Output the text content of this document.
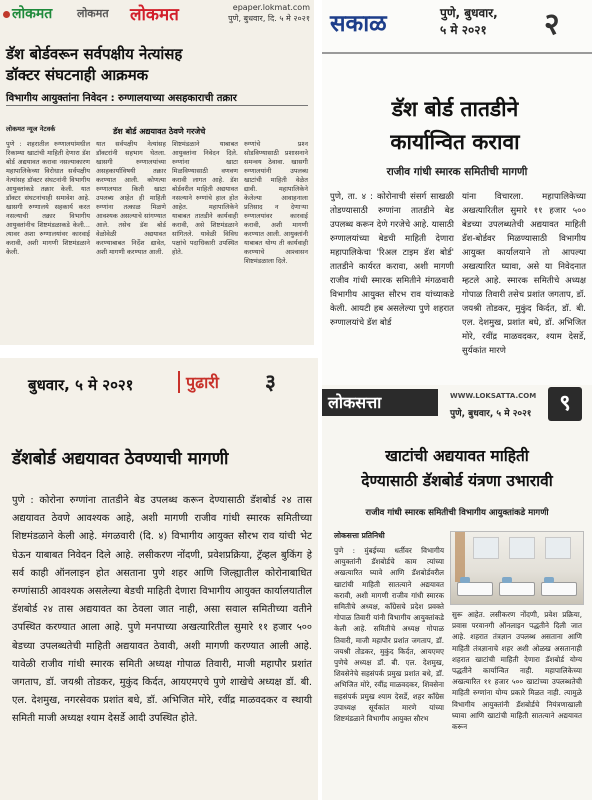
लोकमत लोकमत लोकमत	epaper.lokmat.com
पुणे, बुधवार, दि. ५ मे २०२१
डॅश बोर्डवरून सर्वपक्षीय नेत्यांसह
डॉक्टर संघटनाही आक्रमक
विभागीय आयुक्तांना निवेदन : रुग्णालयाच्या असहकाराची तक्रार
लोकमत न्यूज नेटवर्क	डॅश बोर्ड अद्ययावत ठेवणे गरजेचे
पुणे : शहरातील रुग्णालयांमधील रिकाम्या खाटांची माहिती देणारा डॅश बोर्ड अद्ययावत करावा नसल्याकारण महापालिकेच्या विरोधात सर्वपक्षीय नेत्यांसह डॉक्टर संघटनांनी विभागीय आयुक्तांकडे तक्रार केली. यात डॉक्टर संघटनांचाही समावेश आहे. खासगी रुग्णालये सहकार्य करत नसल्याची तक्रार विभागीय आयुक्तांनीच शिष्टमंडळाकडे केली... त्यावर अशा रुग्णालयांवर कारवाई करावी, अशी मागणी शिष्टमंडळाने केली.
यात सर्वपक्षीय नेत्यांसह डॉक्टरांनी सहभाग घेतला. खासगी रुग्णालयांच्या असहकार्याविषयी तक्रार करण्यात आली. कोणत्या रुग्णालयात किती खाटा उपलब्ध आहेत ही माहिती रुग्णांना तत्काळ मिळणे आवश्यक असल्याचे सांगण्यात आले. तसेच डॅश बोर्ड वेळोवेळी अद्ययावत करण्याबाबत निर्देश द्यावेत, अशी मागणी करण्यात आली.
शिष्टमंडळाने याबाबत आयुक्तांना निवेदन दिले. रुग्णांना खाटा मिळविण्यासाठी वणवण करावी लागत आहे. डॅश बोर्डवरील माहिती अद्ययावत नसल्याने रुग्णांचे हाल होत आहेत. महापालिकेने याबाबत तातडीने कार्यवाही करावी, असे शिष्टमंडळाने सांगितले. यावेळी विविध पक्षांचे पदाधिकारी उपस्थित होते.
रुग्णांचे प्रश्‍न सोडविण्यासाठी प्रशासनाने समन्वय ठेवावा. खासगी रुग्णालयांनी उपलब्ध खाटांची माहिती वेळेत द्यावी. महापालिकेने केलेल्या आवाहनाला प्रतिसाद न देणाऱ्या रुग्णालयांवर कारवाई करावी, अशी मागणी करण्यात आली. आयुक्तांनी याबाबत योग्य ती कार्यवाही करण्याचे आश्‍वासन शिष्टमंडळाला दिले.
सकाळ	पुणे, बुधवार,
५ मे २०२१	२
डॅश बोर्ड तातडीने
कार्यान्वित करावा
राजीव गांधी स्मारक समितीची मागणी
पुणे, ता. ४ : कोरोनाची संसर्ग साखळी तोडण्यासाठी रुग्णांना तातडीने बेड उपलब्ध करून देणे गरजेचे आहे. यासाठी रुग्णालयांच्या बेडची माहिती देणारा महापालिकेचा 'रिअल टाइम डॅश बोर्ड' तातडीने कार्यरत करावा, अशी मागणी राजीव गांधी स्मारक समितीने मंगळवारी विभागीय आयुक्त सौरभ राव यांच्याकडे केली. आयटी हब असलेल्या पुणे शहरात रुग्णालयांचे डॅश बोर्ड
यांना विचारला. महापालिकेच्या अखत्यारितील सुमारे ११ हजार ५०० बेडच्या उपलब्धतेची अद्ययावत माहिती डॅश-बोर्डवर मिळण्यासाठी विभागीय आयुक्त कार्यालयाने तो आपल्या अखत्यारित घ्यावा, असे या निवेदनात म्हटले आहे. स्मारक समितीचे अध्यक्ष गोपाळ तिवारी तसेच प्रशांत जगताप, डॉ. जयश्री तोडकर, मुकुंद किर्दत, डॉ. बी. एल. देशमुख, प्रशांत बधे, डॉ. अभिजित मोरे, रवींद्र माळवदकर, श्याम देसर्डे, सुर्यकांत मारणे
बुधवार, ५ मे २०२१	पुढारी ३
डॅशबोर्ड अद्ययावत ठेवण्याची मागणी
पुणे : कोरोना रुग्णांना तातडीने बेड उपलब्ध करून देण्यासाठी डॅशबोर्ड २४ तास अद्ययावत ठेवणे आवश्यक आहे, अशी मागणी राजीव गांधी स्मारक समितीच्या शिष्टमंडळाने केली आहे. मंगळवारी (दि. ४) विभागीय आयुक्त सौरभ राव यांची भेट घेऊन याबाबत निवेदन दिले आहे. लसीकरण नोंदणी, प्रवेशप्रक्रिया, ट्रॅव्हल बुकिंग हे सर्व काही ऑनलाइन होत असताना पुणे शहर आणि जिल्ह्यातील कोरोनाबाधित रुग्णांसाठी आवश्यक असलेल्या बेडची माहिती देणारा विभागीय आयुक्त कार्यालयातील डॅशबोर्ड २४ तास अद्ययावत का ठेवला जात नाही, असा सवाल समितीच्या वतीने उपस्थित करण्यात आला आहे. पुणे मनपाच्या अखत्यारितील सुमारे ११ हजार ५०० बेडच्या उपलब्धतेची माहिती अद्ययावत ठेवावी, अशी मागणी करण्यात आली आहे. यावेळी राजीव गांधी स्मारक समिती अध्यक्ष गोपाळ तिवारी, माजी महापौर प्रशांत जगताप, डॉ. जयश्री तोडकर, मुकुंद किर्दत, आयएमएचे पुणे शाखेचे अध्यक्ष डॉ. बी. एल. देशमुख, नगरसेवक प्रशांत बधे, डॉ. अभिजित मोरे, रवींद्र माळवदकर व स्थायी समिती माजी अध्यक्ष श्याम देसर्डे आदी उपस्थित होते.
लोकसत्ता	WWW.LOKSATTA.COM
पुणे, बुधवार, ५ मे २०२१	९
खाटांची अद्ययावत माहिती
देण्यासाठी डॅशबोर्ड यंत्रणा उभारावी
राजीव गांधी स्मारक समितीची विभागीय आयुक्तांकडे मागणी
लोकसत्ता प्रतिनिधी
पुणे : मुंबईच्या धर्तीवर विभागीय आयुक्तांनी डॅशबोर्डचे काम त्यांच्या अखत्यारित घ्यावे आणि डॅशबोर्डवरील खाटांची माहिती सातत्याने अद्ययावत करावी, अशी मागणी राजीव गांधी स्मारक समितीचे अध्यक्ष, काँग्रेसचे प्रदेश प्रवक्ते गोपाळ तिवारी यांनी विभागीय आयुक्तांकडे केली आहे. समितीचे अध्यक्ष गोपाळ तिवारी, माजी महापौर प्रशांत जगताप, डॉ. जयश्री तोडकर, मुकुंद किर्दत, आयएमए पुणेचे अध्यक्ष डॉ. बी. एल. देशमुख, शिवसेनेचे सहसंपर्क प्रमुख प्रशांत बधे, डॉ. अभिजित मोरे, रवींद्र माळवदकर, शिवसेना सहसंपर्क प्रमुख श्याम देसर्डे, शहर काँग्रेस उपाध्यक्ष सूर्यकांत मारणे यांच्या शिष्टमंडळाने विभागीय आयुक्त सौरभ
सुरू आहेत. लसीकरण नोंदणी, प्रवेश प्रक्रिया, प्रवास परवानगी ऑनलाइन पद्धतीने दिली जात आहे. शहरात तंत्रज्ञान उपलब्ध असताना आणि माहिती तंत्रज्ञानाचे शहर अशी ओळख असतानाही शहरात खाटांची माहिती देणारा डॅशबोर्ड योग्य पद्धतीने कार्यान्वित नाही. महापालिकेच्या अखत्यारित ११ हजार ५०० खाटांच्या उपलब्धतेची माहिती रुग्णांना योग्य प्रकारे मिळत नाही. त्यामुळे विभागीय आयुक्तांनी डॅशबोर्डचे नियंत्रणाखाली घ्यावा आणि खाटांची माहिती सातत्याने अद्ययावत करून
